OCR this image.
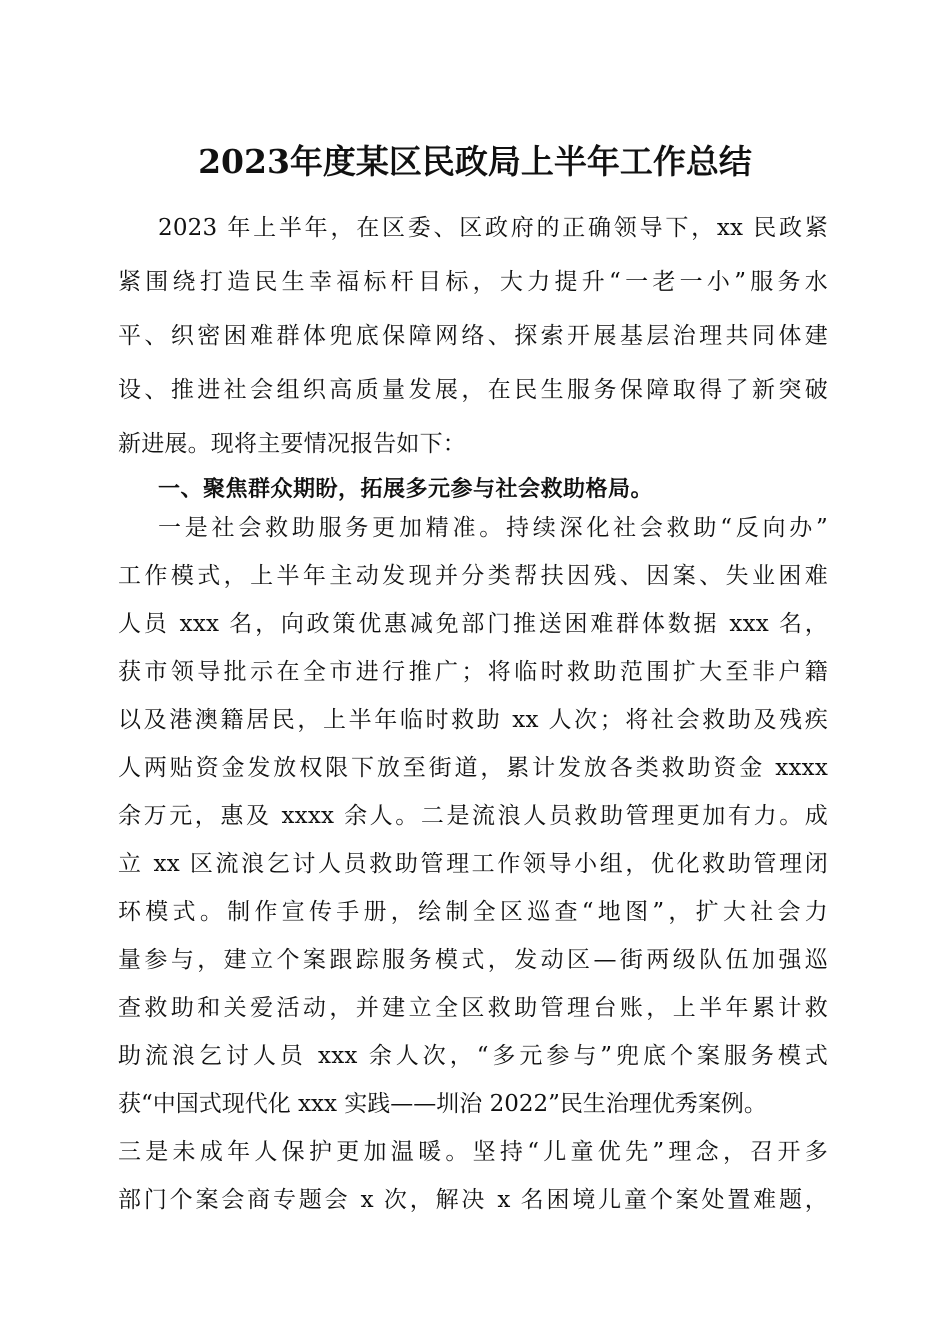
2023年度某区民政局上半年工作总结
2023 年上半年，在区委、区政府的正确领导下，xx 民政紧
紧围绕打造民生幸福标杆目标，大力提升“一老一小”服务水
平、织密困难群体兜底保障网络、探索开展基层治理共同体建
设、推进社会组织高质量发展，在民生服务保障取得了新突破
新进展。现将主要情况报告如下：
一、聚焦群众期盼，拓展多元参与社会救助格局。
一是社会救助服务更加精准。持续深化社会救助“反向办”
工作模式，上半年主动发现并分类帮扶因残、因案、失业困难
人员 xxx 名，向政策优惠减免部门推送困难群体数据 xxx 名，
获市领导批示在全市进行推广；将临时救助范围扩大至非户籍
以及港澳籍居民，上半年临时救助 xx 人次；将社会救助及残疾
人两贴资金发放权限下放至街道，累计发放各类救助资金 xxxx
余万元，惠及 xxxx 余人。二是流浪人员救助管理更加有力。成
立 xx 区流浪乞讨人员救助管理工作领导小组，优化救助管理闭
环模式。制作宣传手册，绘制全区巡查“地图”，扩大社会力
量参与，建立个案跟踪服务模式，发动区—街两级队伍加强巡
查救助和关爱活动，并建立全区救助管理台账，上半年累计救
助流浪乞讨人员 xxx 余人次，“多元参与”兜底个案服务模式
获“中国式现代化 xxx 实践——圳治 2022”民生治理优秀案例。
三是未成年人保护更加温暖。坚持“儿童优先”理念，召开多
部门个案会商专题会 x 次，解决 x 名困境儿童个案处置难题，
